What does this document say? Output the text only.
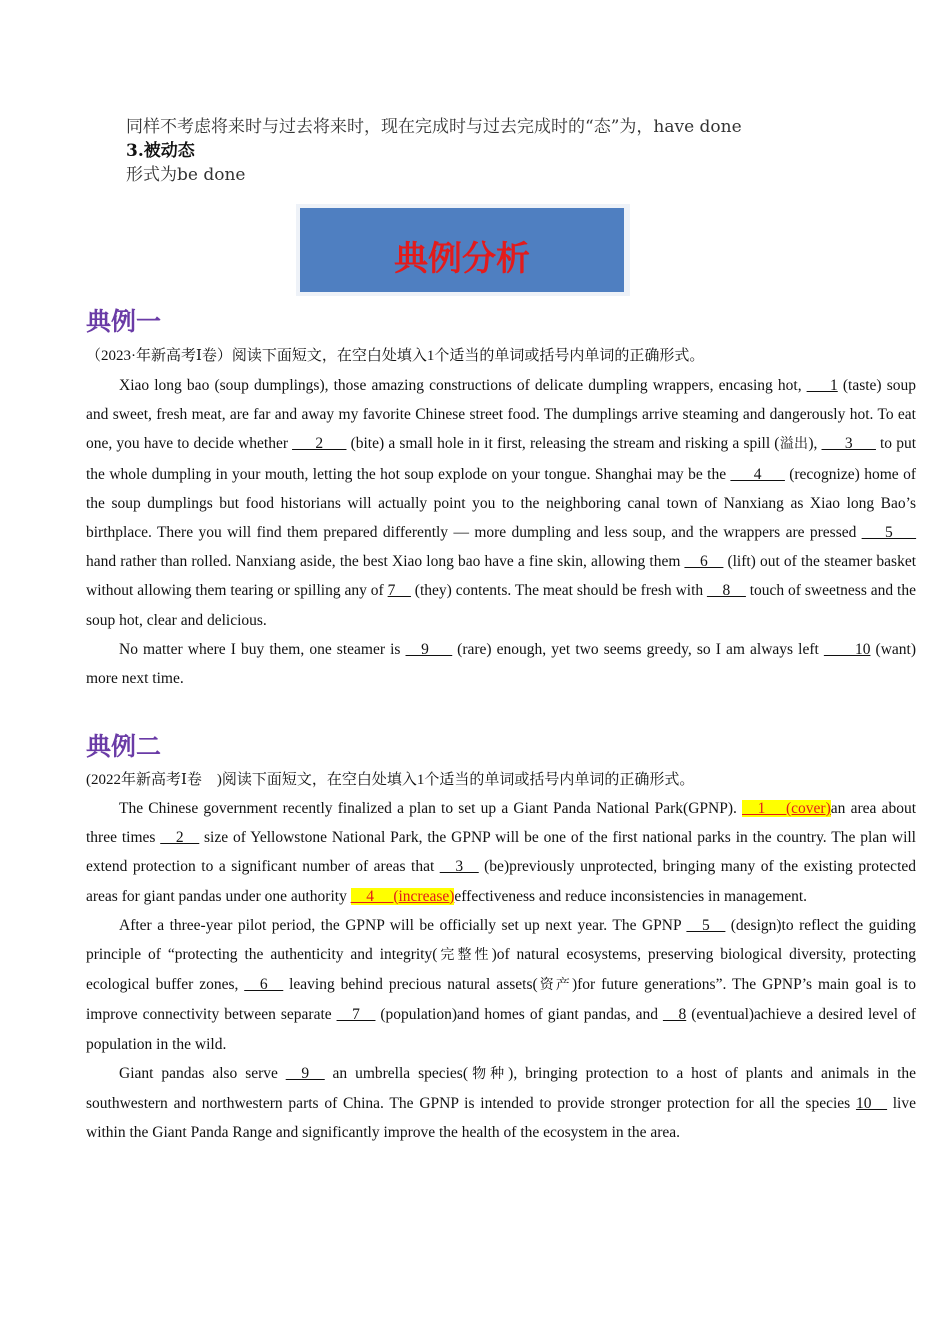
同样不考虑将来时与过去将来时，现在完成时与过去完成时的“态”为，have done
3.被动态
形式为be done
典例分析
典例一
（2023·年新高考Ⅰ卷）阅读下面短文，在空白处填入1个适当的单词或括号内单词的正确形式。

Xiao long bao (soup dumplings), those amazing constructions of delicate dumpling wrappers, encasing hot, ___1 (taste) soup and sweet, fresh meat, are far and away my favorite Chinese street food. The dumplings arrive steaming and dangerously hot. To eat one, you have to decide whether ___2___ (bite) a small hole in it first, releasing the stream and risking a spill (溢出), ___3___ to put the whole dumpling in your mouth, letting the hot soup explode on your tongue. Shanghai may be the ___4___ (recognize) home of the soup dumplings but food historians will actually point you to the neighboring canal town of Nanxiang as Xiao long Bao’s birthplace. There you will find them prepared differently — more dumpling and less soup, and the wrappers are pressed ___5___ hand rather than rolled. Nanxiang aside, the best Xiao long bao have a fine skin, allowing them __6__ (lift) out of the steamer basket without allowing them tearing or spilling any of 7__ (they) contents. The meat should be fresh with __8__ touch of sweetness and the soup hot, clear and delicious.

No matter where I buy them, one steamer is __9___ (rare) enough, yet two seems greedy, so I am always left ____10 (want) more next time.

典例二
(2022年新高考Ⅰ卷　)阅读下面短文，在空白处填入1个适当的单词或括号内单词的正确形式。

The Chinese government recently finalized a plan to set up a Giant Panda National Park(GPNP). __1__ (cover)an area about three times __2__ size of Yellowstone National Park, the GPNP will be one of the first national parks in the country. The plan will extend protection to a significant number of areas that __3__ (be)previously unprotected, bringing many of the existing protected areas for giant pandas under one authority __4__ (increase)effectiveness and reduce inconsistencies in management.

After a three-year pilot period, the GPNP will be officially set up next year. The GPNP __5__ (design)to reflect the guiding principle of “protecting the authenticity and integrity(完整性)of natural ecosystems, preserving biological diversity, protecting ecological buffer zones, __6__ leaving behind precious natural assets(资产)for future generations”. The GPNP’s main goal is to improve connectivity between separate __7__ (population)and homes of giant pandas, and __8 (eventual)achieve a desired level of population in the wild.

Giant pandas also serve __9__ an umbrella species(物种), bringing protection to a host of plants and animals in the southwestern and northwestern parts of China. The GPNP is intended to provide stronger protection for all the species 10__ live within the Giant Panda Range and significantly improve the health of the ecosystem in the area.
